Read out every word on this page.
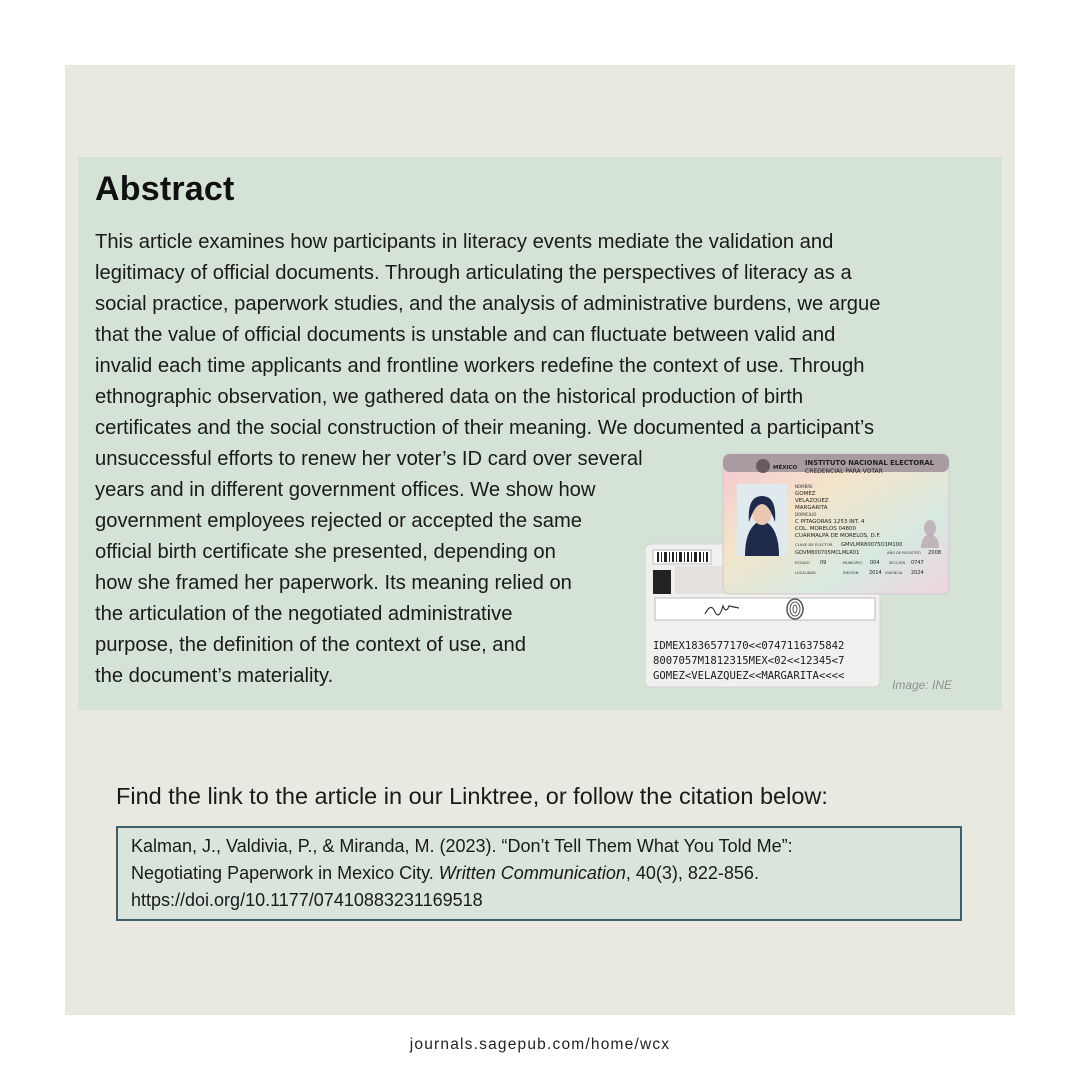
Abstract
This article examines how participants in literacy events mediate the validation and
legitimacy of official documents. Through articulating the perspectives of literacy as a
social practice, paperwork studies, and the analysis of administrative burdens, we argue
that the value of official documents is unstable and can fluctuate between valid and
invalid each time applicants and frontline workers redefine the context of use. Through
ethnographic observation, we gathered data on the historical production of birth
certificates and the social construction of their meaning. We documented a participant’s
unsuccessful efforts to renew her voter’s ID card over several
years and in different government offices. We show how
government employees rejected or accepted the same
official birth certificate she presented, depending on
how she framed her paperwork. Its meaning relied on
the articulation of the negotiated administrative
purpose, the definition of the context of use, and
the document’s materiality.
IDMEX1836577170<<0747116375842
8007057M1812315MEX<02<<12345<7
GOMEZ<VELAZQUEZ<<MARGARITA<<<<
MÉXICO
INSTITUTO NACIONAL ELECTORAL
CREDENCIAL PARA VOTAR
NOMBRE
GOMEZ
VELAZQUEZ
MARGARITA
DOMICILIO
C PITAGORAS 1253 INT. 4
COL. MORELOS 04800
CUARMALPA DE MORELOS, D.F.
CLAVE DE ELECTOR GMVLMR80075O1M100
GOVM800705MCLMLR01	AÑO DE REGISTRO 2008
ESTADO 09	MUNICIPIO 004	SECCIÓN 0747
LOCALIDAD	EMISIÓN 2014 VIGENCIA 2024
Image: INE
Find the link to the article in our Linktree, or follow the citation below:
Kalman, J., Valdivia, P., & Miranda, M. (2023). “Don’t Tell Them What You Told Me”:
Negotiating Paperwork in Mexico City. Written Communication, 40(3), 822-856.
https://doi.org/10.1177/07410883231169518
journals.sagepub.com/home/wcx
